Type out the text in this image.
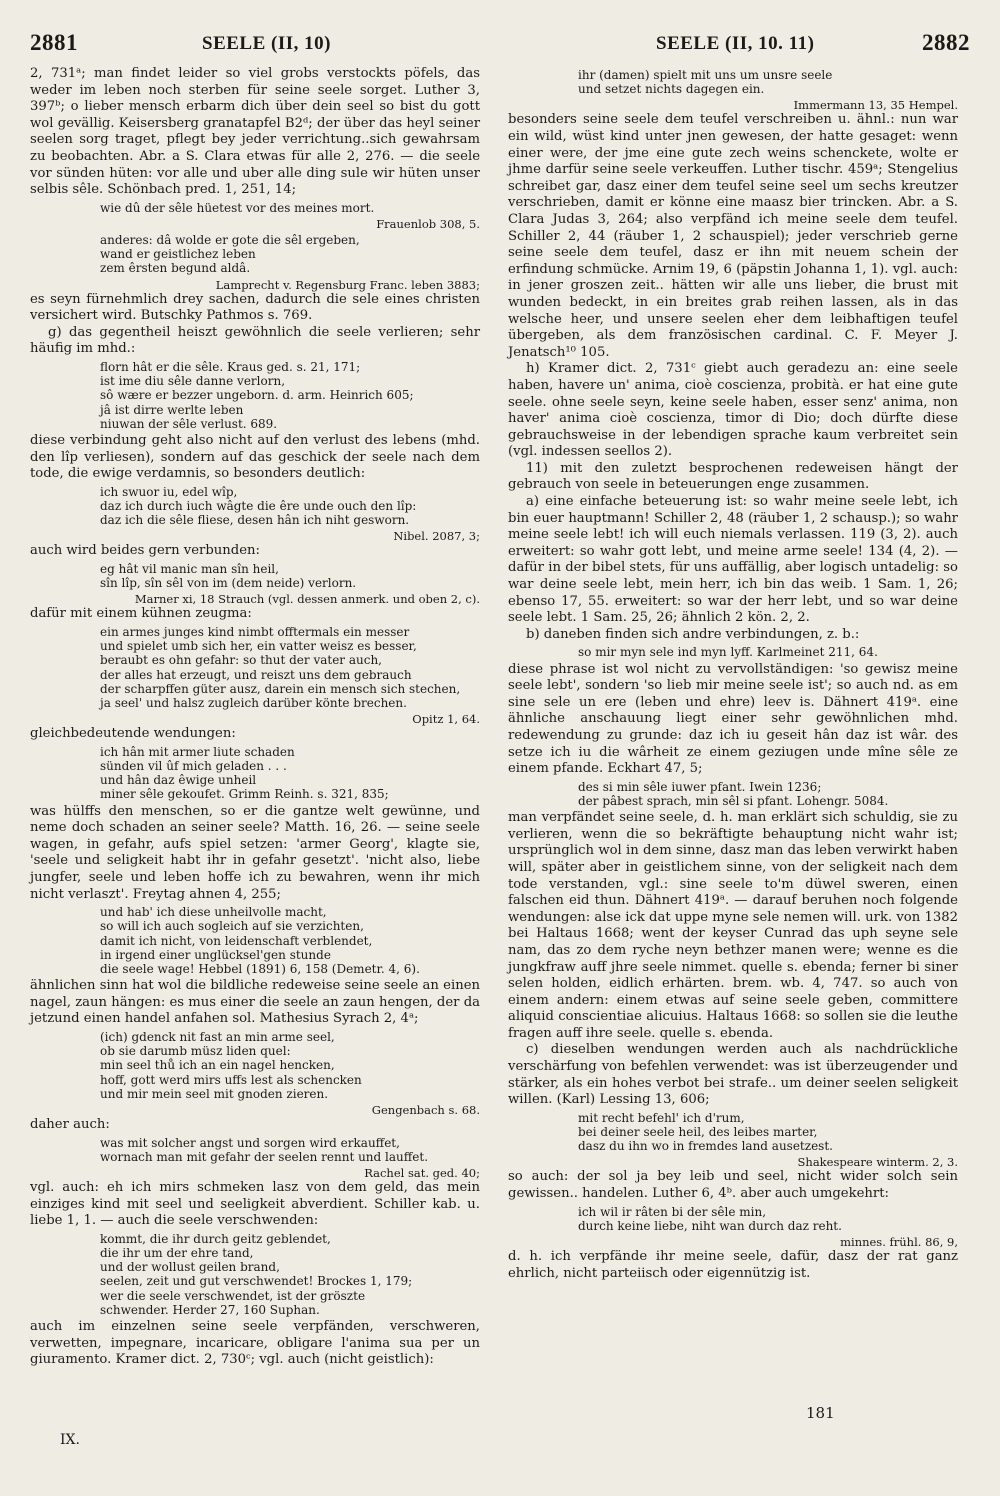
2881	SEELE (II, 10)	SEELE (II, 10. 11)	2882

2, 731ᵃ; man findet leider so viel grobs verstockts pöfels, das weder im leben noch sterben für seine seele sorget. Luther 3, 397ᵇ; o lieber mensch erbarm dich über dein seel so bist du gott wol gevällig. Keisersberg granatapfel B2ᵈ; der über das heyl seiner seelen sorg traget, pflegt bey jeder verrichtung..sich gewahrsam zu beobachten. Abr. a S. Clara etwas für alle 2, 276. — die seele vor sünden hüten: vor alle und uber alle ding sule wir hüten unser selbis sêle. Schönbach pred. 1, 251, 14;

wie dû der sêle hüetest vor des meines mort.
Frauenlob 308, 5.
anderes: dâ wolde er gote die sêl ergeben,
wand er geistlichez leben
zem êrsten begund aldâ.
Lamprecht v. Regensburg Franc. leben 3883;

es seyn fürnehmlich drey sachen, dadurch die sele eines christen versichert wird. Butschky Pathmos s. 769.

g) das gegentheil heiszt gewöhnlich die seele verlieren; sehr häufig im mhd.:

florn hât er die sêle. Kraus ged. s. 21, 171;
ist ime diu sêle danne verlorn,
sô wære er bezzer ungeborn. d. arm. Heinrich 605;
jâ ist dirre werlte leben
niuwan der sêle verlust. 689.

diese verbindung geht also nicht auf den verlust des lebens (mhd. den lîp verliesen), sondern auf das geschick der seele nach dem tode, die ewige verdamnis, so besonders deutlich:

ich swuor iu, edel wîp,
daz ich durch iuch wâgte die êre unde ouch den lîp:
daz ich die sêle fliese, desen hân ich niht gesworn.
Nibel. 2087, 3;

auch wird beides gern verbunden:

eg hât vil manic man sîn heil,
sîn lîp, sîn sêl von im (dem neide) verlorn.
Marner xi, 18 Strauch (vgl. dessen anmerk. und oben 2, c).

dafür mit einem kühnen zeugma:

ein armes junges kind nimbt offtermals ein messer
und spielet umb sich her, ein vatter weisz es besser,
beraubt es ohn gefahr: so thut der vater auch,
der alles hat erzeugt, und reiszt uns dem gebrauch
der scharpffen güter ausz, darein ein mensch sich stechen,
ja seel' und halsz zugleich darüber könte brechen.
Opitz 1, 64.

gleichbedeutende wendungen:

ich hân mit armer liute schaden
sünden vil ûf mich geladen . . .
und hân daz êwige unheil
miner sêle gekoufet. Grimm Reinh. s. 321, 835;

was hülffs den menschen, so er die gantze welt gewünne, und neme doch schaden an seiner seele? Matth. 16, 26. — seine seele wagen, in gefahr, aufs spiel setzen: 'armer Georg', klagte sie, 'seele und seligkeit habt ihr in gefahr gesetzt'. 'nicht also, liebe jungfer, seele und leben hoffe ich zu bewahren, wenn ihr mich nicht verlaszt'. Freytag ahnen 4, 255;

und hab' ich diese unheilvolle macht,
so will ich auch sogleich auf sie verzichten,
damit ich nicht, von leidenschaft verblendet,
in irgend einer unglücksel'gen stunde
die seele wage! Hebbel (1891) 6, 158 (Demetr. 4, 6).

ähnlichen sinn hat wol die bildliche redeweise seine seele an einen nagel, zaun hängen: es mus einer die seele an zaun hengen, der da jetzund einen handel anfahen sol. Mathesius Syrach 2, 4ᵃ;

(ich) gdenck nit fast an min arme seel,
ob sie darumb müsz liden quel:
min seel thů ich an ein nagel hencken,
hoff, gott werd mirs uffs lest als schencken
und mir mein seel mit gnoden zieren.
Gengenbach s. 68.

daher auch:

was mit solcher angst und sorgen wird erkauffet,
wornach man mit gefahr der seelen rennt und lauffet.
Rachel sat. ged. 40;

vgl. auch: eh ich mirs schmeken lasz von dem geld, das mein einziges kind mit seel und seeligkeit abverdient. Schiller kab. u. liebe 1, 1. — auch die seele verschwenden:

kommt, die ihr durch geitz geblendet,
die ihr um der ehre tand,
und der wollust geilen brand,
seelen, zeit und gut verschwendet! Brockes 1, 179;
wer die seele verschwendet, ist der gröszte
schwender. Herder 27, 160 Suphan.

auch im einzelnen seine seele verpfänden, verschweren, verwetten, impegnare, incaricare, obligare l'anima sua per un giuramento. Kramer dict. 2, 730ᶜ; vgl. auch (nicht geistlich):

ihr (damen) spielt mit uns um unsre seele
und setzet nichts dagegen ein.
Immermann 13, 35 Hempel.

besonders seine seele dem teufel verschreiben u. ähnl.: nun war ein wild, wüst kind unter jnen gewesen, der hatte gesaget: wenn einer were, der jme eine gute zech weins schenckete, wolte er jhme darfür seine seele verkeuffen. Luther tischr. 459ᵃ; Stengelius schreibet gar, dasz einer dem teufel seine seel um sechs kreutzer verschrieben, damit er könne eine maasz bier trincken. Abr. a S. Clara Judas 3, 264; also verpfänd ich meine seele dem teufel. Schiller 2, 44 (räuber 1, 2 schauspiel); jeder verschrieb gerne seine seele dem teufel, dasz er ihn mit neuem schein der erfindung schmücke. Arnim 19, 6 (päpstin Johanna 1, 1). vgl. auch: in jener groszen zeit.. hätten wir alle uns lieber, die brust mit wunden bedeckt, in ein breites grab reihen lassen, als in das welsche heer, und unsere seelen eher dem leibhaftigen teufel übergeben, als dem französischen cardinal. C. F. Meyer J. Jenatsch¹⁰ 105.

h) Kramer dict. 2, 731ᶜ giebt auch geradezu an: eine seele haben, havere un' anima, cioè coscienza, probità. er hat eine gute seele. ohne seele seyn, keine seele haben, esser senz' anima, non haver' anima cioè coscienza, timor di Dio; doch dürfte diese gebrauchsweise in der lebendigen sprache kaum verbreitet sein (vgl. indessen seellos 2).

11) mit den zuletzt besprochenen redeweisen hängt der gebrauch von seele in beteuerungen enge zusammen.

a) eine einfache beteuerung ist: so wahr meine seele lebt, ich bin euer hauptmann! Schiller 2, 48 (räuber 1, 2 schausp.); so wahr meine seele lebt! ich will euch niemals verlassen. 119 (3, 2). auch erweitert: so wahr gott lebt, und meine arme seele! 134 (4, 2). — dafür in der bibel stets, für uns auffällig, aber logisch untadelig: so war deine seele lebt, mein herr, ich bin das weib. 1 Sam. 1, 26; ebenso 17, 55. erweitert: so war der herr lebt, und so war deine seele lebt. 1 Sam. 25, 26; ähnlich 2 kön. 2, 2.

b) daneben finden sich andre verbindungen, z. b.:

so mir myn sele ind myn lyff. Karlmeinet 211, 64.

diese phrase ist wol nicht zu vervollständigen: 'so gewisz meine seele lebt', sondern 'so lieb mir meine seele ist'; so auch nd. as em sine sele un ere (leben und ehre) leev is. Dähnert 419ᵃ. eine ähnliche anschauung liegt einer sehr gewöhnlichen mhd. redewendung zu grunde: daz ich iu geseit hân daz ist wâr. des setze ich iu die wârheit ze einem geziugen unde mîne sêle ze einem pfande. Eckhart 47, 5;

des si min sêle iuwer pfant. Iwein 1236;
der pâbest sprach, min sêl si pfant. Lohengr. 5084.

man verpfändet seine seele, d. h. man erklärt sich schuldig, sie zu verlieren, wenn die so bekräftigte behauptung nicht wahr ist; ursprünglich wol in dem sinne, dasz man das leben verwirkt haben will, später aber in geistlichem sinne, von der seligkeit nach dem tode verstanden, vgl.: sine seele to'm düwel sweren, einen falschen eid thun. Dähnert 419ᵃ. — darauf beruhen noch folgende wendungen: alse ick dat uppe myne sele nemen will. urk. von 1382 bei Haltaus 1668; went der keyser Cunrad das uph seyne sele nam, das zo dem ryche neyn bethzer manen were; wenne es die jungkfraw auff jhre seele nimmet. quelle s. ebenda; ferner bi siner selen holden, eidlich erhärten. brem. wb. 4, 747. so auch von einem andern: einem etwas auf seine seele geben, committere aliquid conscientiae alicuius. Haltaus 1668: so sollen sie die leuthe fragen auff ihre seele. quelle s. ebenda.

c) dieselben wendungen werden auch als nachdrückliche verschärfung von befehlen verwendet: was ist überzeugender und stärker, als ein hohes verbot bei strafe.. um deiner seelen seligkeit willen. (Karl) Lessing 13, 606;

mit recht befehl' ich d'rum,
bei deiner seele heil, des leibes marter,
dasz du ihn wo in fremdes land ausetzest.
Shakespeare winterm. 2, 3.

so auch: der sol ja bey leib und seel, nicht wider solch sein gewissen.. handelen. Luther 6, 4ᵇ. aber auch umgekehrt:

ich wil ir râten bi der sêle min,
durch keine liebe, niht wan durch daz reht.
minnes. frühl. 86, 9,

d. h. ich verpfände ihr meine seele, dafür, dasz der rat ganz ehrlich, nicht parteiisch oder eigennützig ist.

IX.
181
